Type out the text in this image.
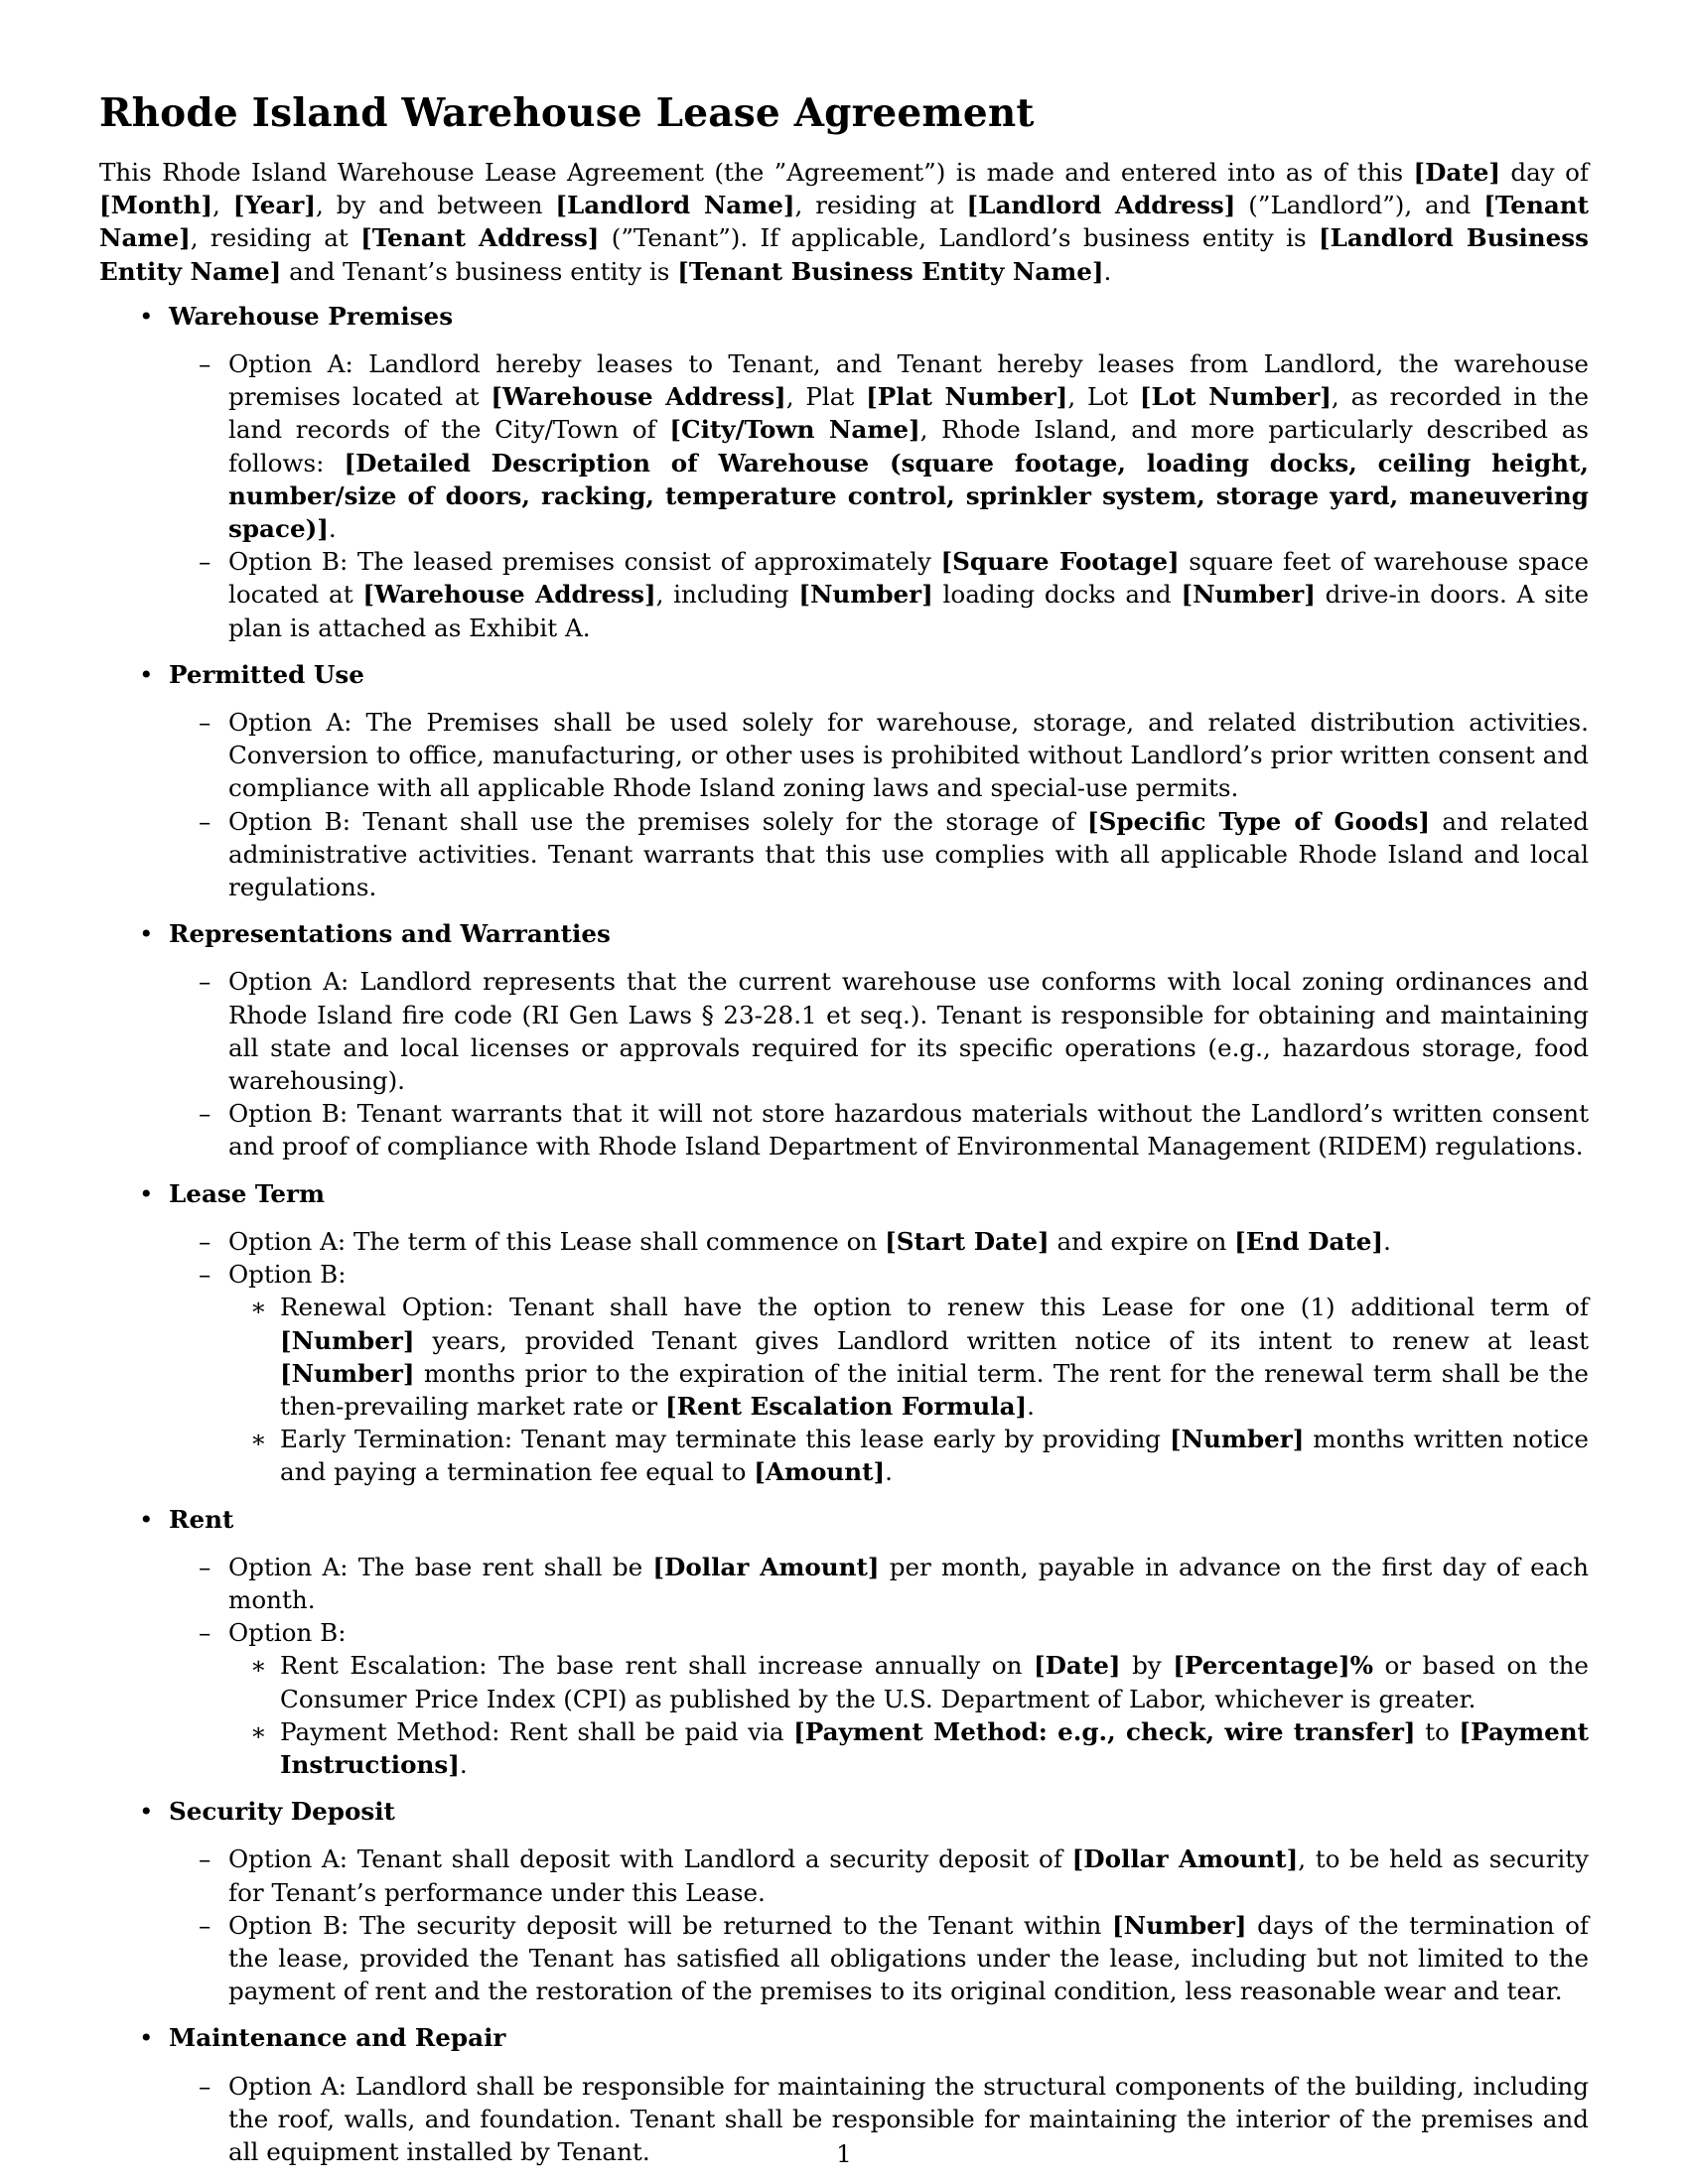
Rhode Island Warehouse Lease Agreement

This Rhode Island Warehouse Lease Agreement (the ”Agreement”) is made and entered into as of this [Date] day of [Month], [Year], by and between [Landlord Name], residing at [Landlord Address] (”Landlord”), and [Tenant Name], residing at [Tenant Address] (”Tenant”). If applicable, Landlord’s business entity is [Landlord Business Entity Name] and Tenant’s business entity is [Tenant Business Entity Name].

• Warehouse Premises
– Option A: Landlord hereby leases to Tenant, and Tenant hereby leases from Landlord, the warehouse premises located at [Warehouse Address], Plat [Plat Number], Lot [Lot Number], as recorded in the land records of the City/Town of [City/Town Name], Rhode Island, and more particularly described as follows: [Detailed Description of Warehouse (square footage, loading docks, ceiling height, number/size of doors, racking, temperature control, sprinkler system, storage yard, maneuvering space)].
– Option B: The leased premises consist of approximately [Square Footage] square feet of warehouse space located at [Warehouse Address], including [Number] loading docks and [Number] drive-in doors. A site plan is attached as Exhibit A.
• Permitted Use
– Option A: The Premises shall be used solely for warehouse, storage, and related distribution activities. Conversion to office, manufacturing, or other uses is prohibited without Landlord’s prior written consent and compliance with all applicable Rhode Island zoning laws and special-use permits.
– Option B: Tenant shall use the premises solely for the storage of [Specific Type of Goods] and related administrative activities. Tenant warrants that this use complies with all applicable Rhode Island and local regulations.
• Representations and Warranties
– Option A: Landlord represents that the current warehouse use conforms with local zoning ordinances and Rhode Island fire code (RI Gen Laws § 23-28.1 et seq.). Tenant is responsible for obtaining and maintaining all state and local licenses or approvals required for its specific operations (e.g., hazardous storage, food warehousing).
– Option B: Tenant warrants that it will not store hazardous materials without the Landlord’s written consent and proof of compliance with Rhode Island Department of Environmental Management (RIDEM) regulations.
• Lease Term
– Option A: The term of this Lease shall commence on [Start Date] and expire on [End Date].
– Option B:
∗ Renewal Option: Tenant shall have the option to renew this Lease for one (1) additional term of [Number] years, provided Tenant gives Landlord written notice of its intent to renew at least [Number] months prior to the expiration of the initial term. The rent for the renewal term shall be the then-prevailing market rate or [Rent Escalation Formula].
∗ Early Termination: Tenant may terminate this lease early by providing [Number] months written notice and paying a termination fee equal to [Amount].
• Rent
– Option A: The base rent shall be [Dollar Amount] per month, payable in advance on the first day of each month.
– Option B:
∗ Rent Escalation: The base rent shall increase annually on [Date] by [Percentage]% or based on the Consumer Price Index (CPI) as published by the U.S. Department of Labor, whichever is greater.
∗ Payment Method: Rent shall be paid via [Payment Method: e.g., check, wire transfer] to [Payment Instructions].
• Security Deposit
– Option A: Tenant shall deposit with Landlord a security deposit of [Dollar Amount], to be held as security for Tenant’s performance under this Lease.
– Option B: The security deposit will be returned to the Tenant within [Number] days of the termination of the lease, provided the Tenant has satisfied all obligations under the lease, including but not limited to the payment of rent and the restoration of the premises to its original condition, less reasonable wear and tear.
• Maintenance and Repair
– Option A: Landlord shall be responsible for maintaining the structural components of the building, including the roof, walls, and foundation. Tenant shall be responsible for maintaining the interior of the premises and all equipment installed by Tenant.	1
